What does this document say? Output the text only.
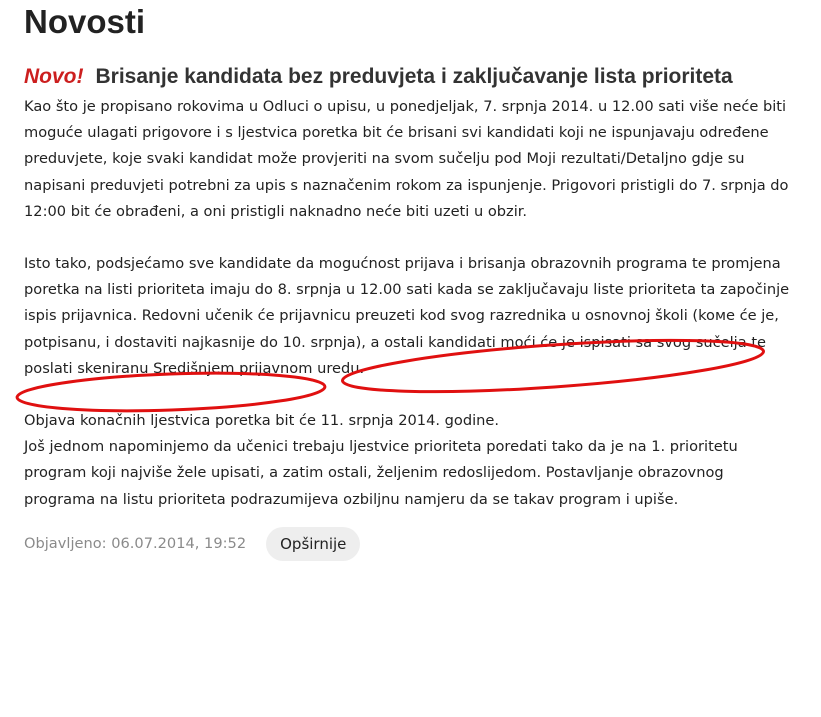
Novosti
Novo! Brisanje kandidata bez preduvjeta i zaključavanje lista prioriteta

Kao što je propisano rokovima u Odluci o upisu, u ponedjeljak, 7. srpnja 2014. u 12.00 sati više neće biti moguće ulagati prigovore i s ljestvica poretka bit će brisani svi kandidati koji ne ispunjavaju određene preduvjete, koje svaki kandidat može provjeriti na svom sučelju pod Moji rezultati/Detaljno gdje su napisani preduvjeti potrebni za upis s naznačenim rokom za ispunjenje. Prigovori pristigli do 7. srpnja do 12:00 bit će obrađeni, a oni pristigli naknadno neće biti uzeti u obzir.

Isto tako, podsjećamo sve kandidate da mogućnost prijava i brisanja obrazovnih programa te promjena poretka na listi prioriteta imaju do 8. srpnja u 12.00 sati kada se zaključavaju liste prioriteta ta započinje ispis prijavnica. Redovni učenik će prijavnicu preuzeti kod svog razrednika u osnovnoj školi (koме će je, potpisanu, i dostaviti najkasnije do 10. srpnja), a ostali kandidati moći će je ispisati sa svog sučelja te poslati skeniranu Središnjem prijavnom uredu.

Objava konačnih ljestvica poretka bit će 11. srpnja 2014. godine.

Još jednom napominjemo da učenici trebaju ljestvice prioriteta poredati tako da je na 1. prioritetu program koji najviše žele upisati, a zatim ostali, željenim redoslijedom. Postavljanje obrazovnog programa na listu prioriteta podrazumijeva ozbiljnu namjeru da se takav program i upiše.

Objavljeno: 06.07.2014, 19:52	Opširnije
